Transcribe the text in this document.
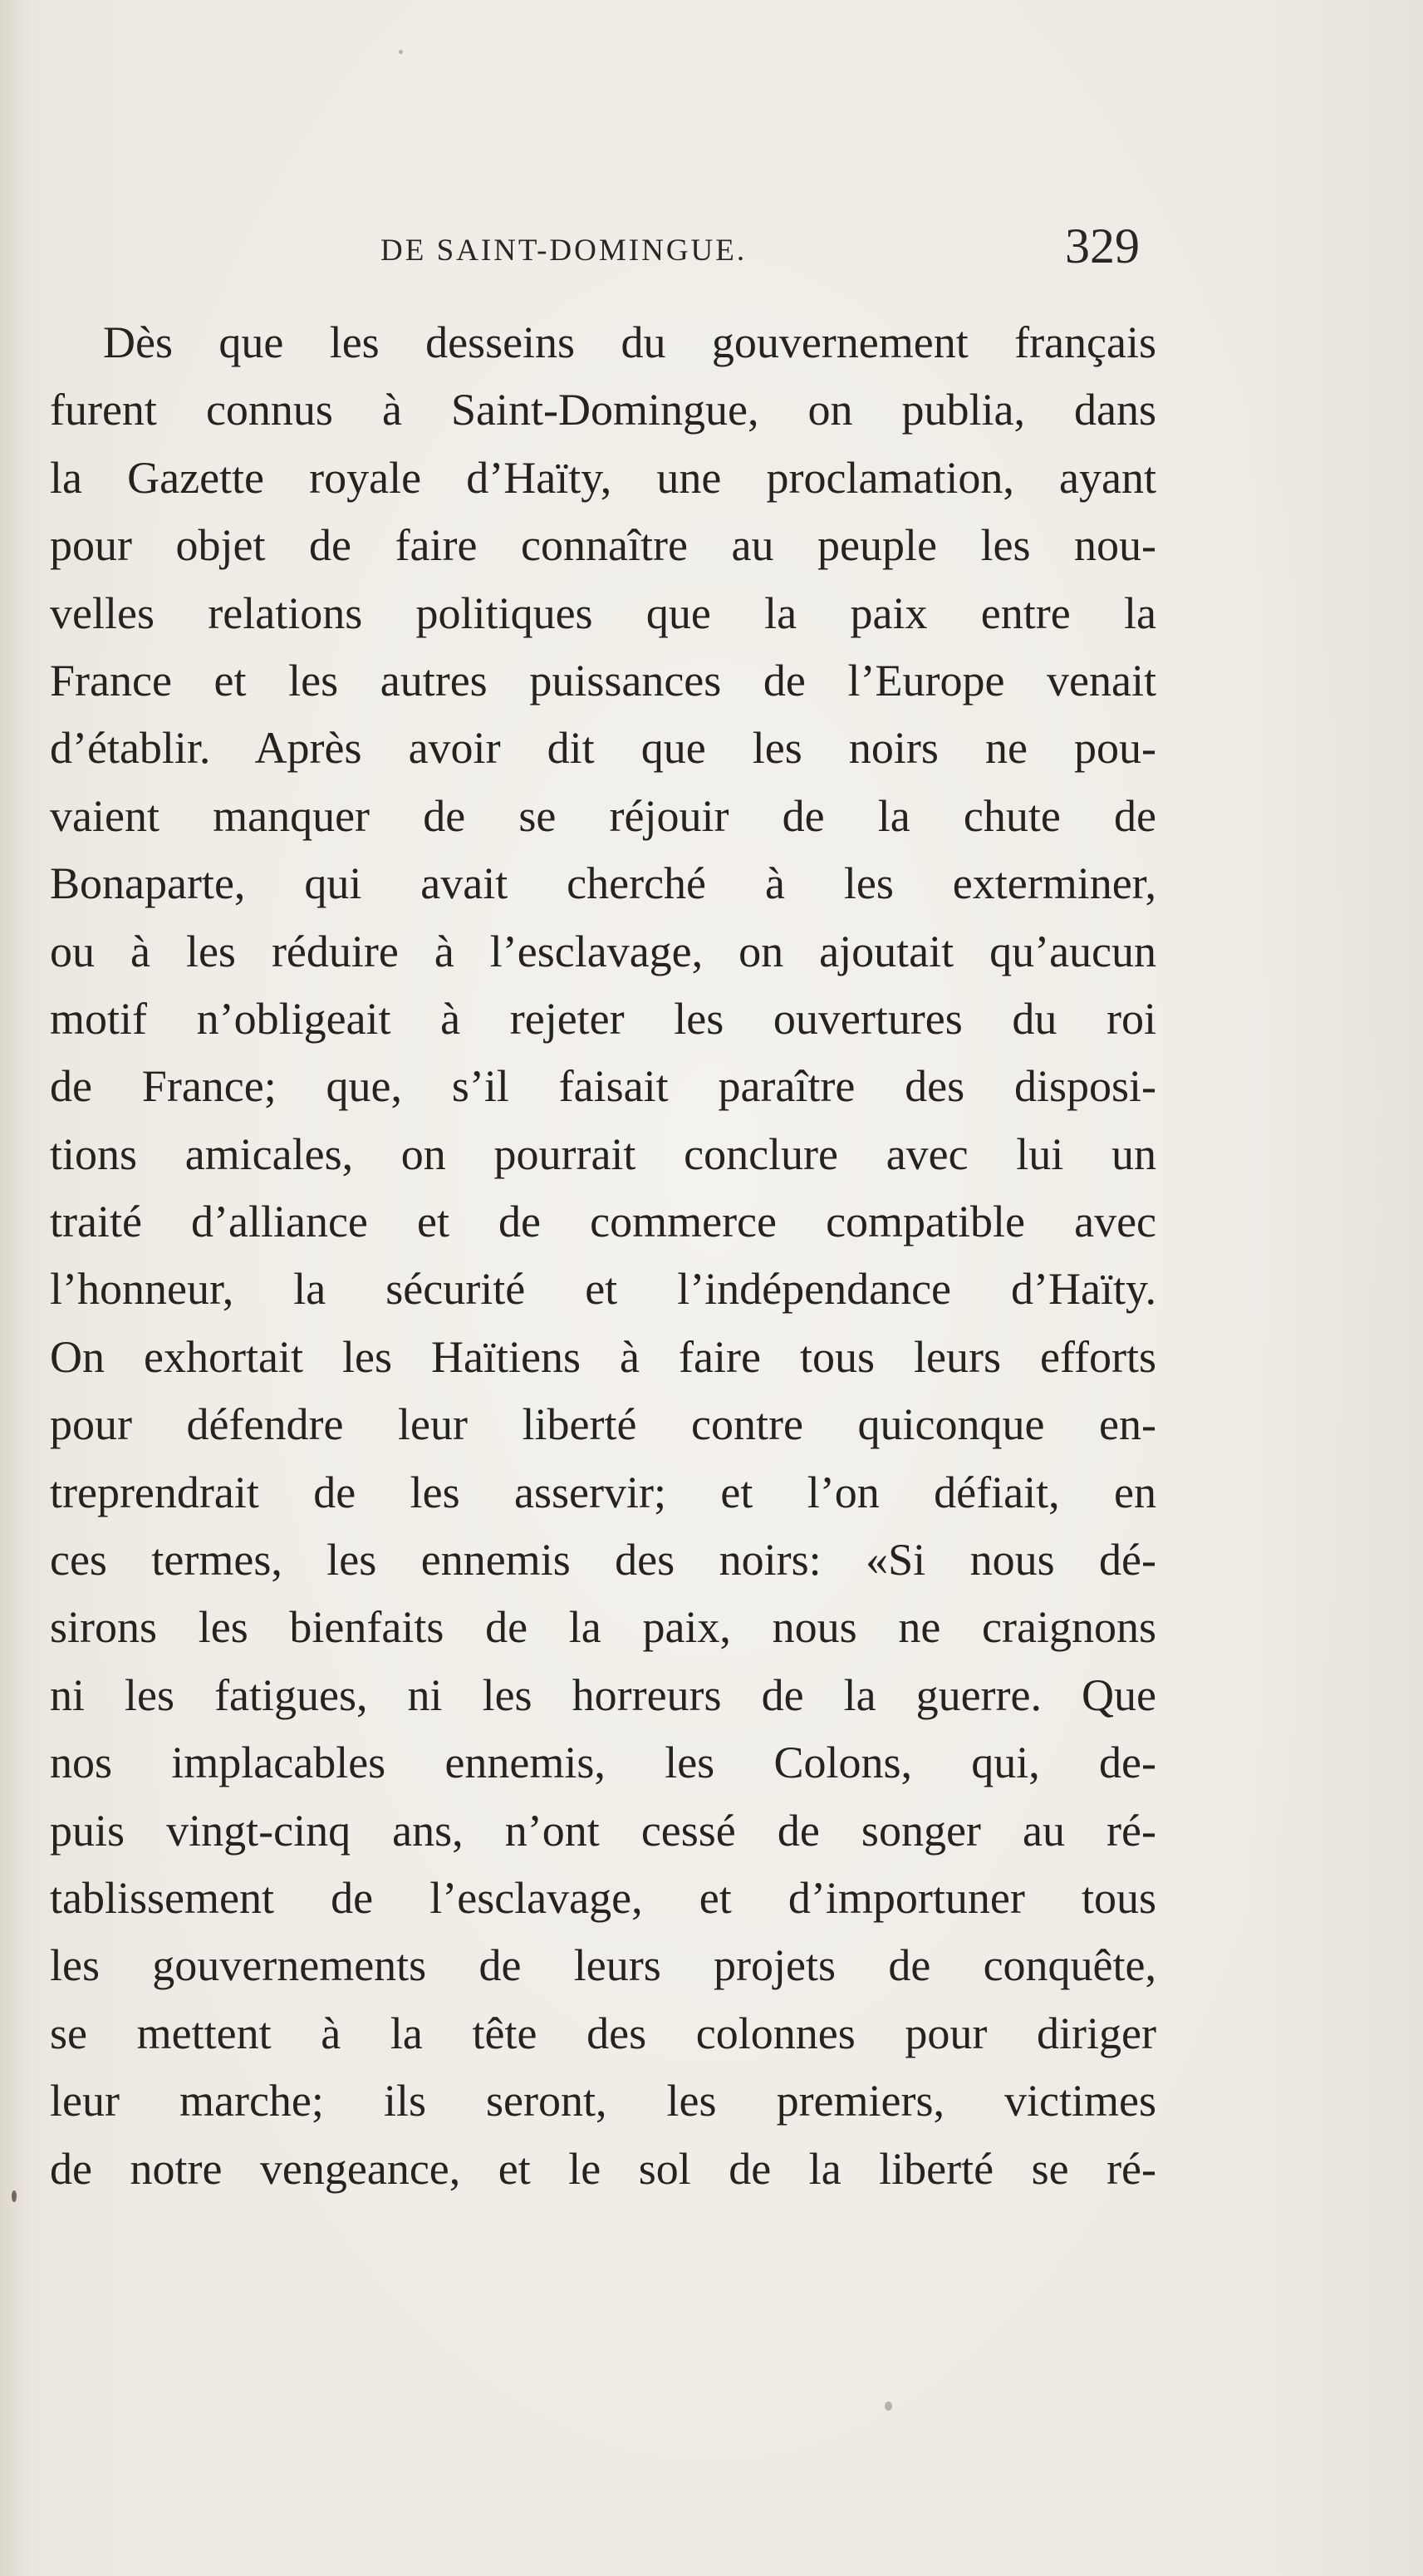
DE SAINT-DOMINGUE.	329
Dès que les desseins du gouvernement français
furent connus à Saint-Domingue, on publia, dans
la Gazette royale d’Haïty, une proclamation, ayant
pour objet de faire connaître au peuple les nou-
velles relations politiques que la paix entre la
France et les autres puissances de l’Europe venait
d’établir. Après avoir dit que les noirs ne pou-
vaient manquer de se réjouir de la chute de
Bonaparte, qui avait cherché à les exterminer,
ou à les réduire à l’esclavage, on ajoutait qu’aucun
motif n’obligeait à rejeter les ouvertures du roi
de France; que, s’il faisait paraître des disposi-
tions amicales, on pourrait conclure avec lui un
traité d’alliance et de commerce compatible avec
l’honneur, la sécurité et l’indépendance d’Haïty.
On exhortait les Haïtiens à faire tous leurs efforts
pour défendre leur liberté contre quiconque en-
treprendrait de les asservir; et l’on défiait, en
ces termes, les ennemis des noirs: «Si nous dé-
sirons les bienfaits de la paix, nous ne craignons
ni les fatigues, ni les horreurs de la guerre. Que
nos implacables ennemis, les Colons, qui, de-
puis vingt-cinq ans, n’ont cessé de songer au ré-
tablissement de l’esclavage, et d’importuner tous
les gouvernements de leurs projets de conquête,
se mettent à la tête des colonnes pour diriger
leur marche; ils seront, les premiers, victimes
de notre vengeance, et le sol de la liberté se ré-
